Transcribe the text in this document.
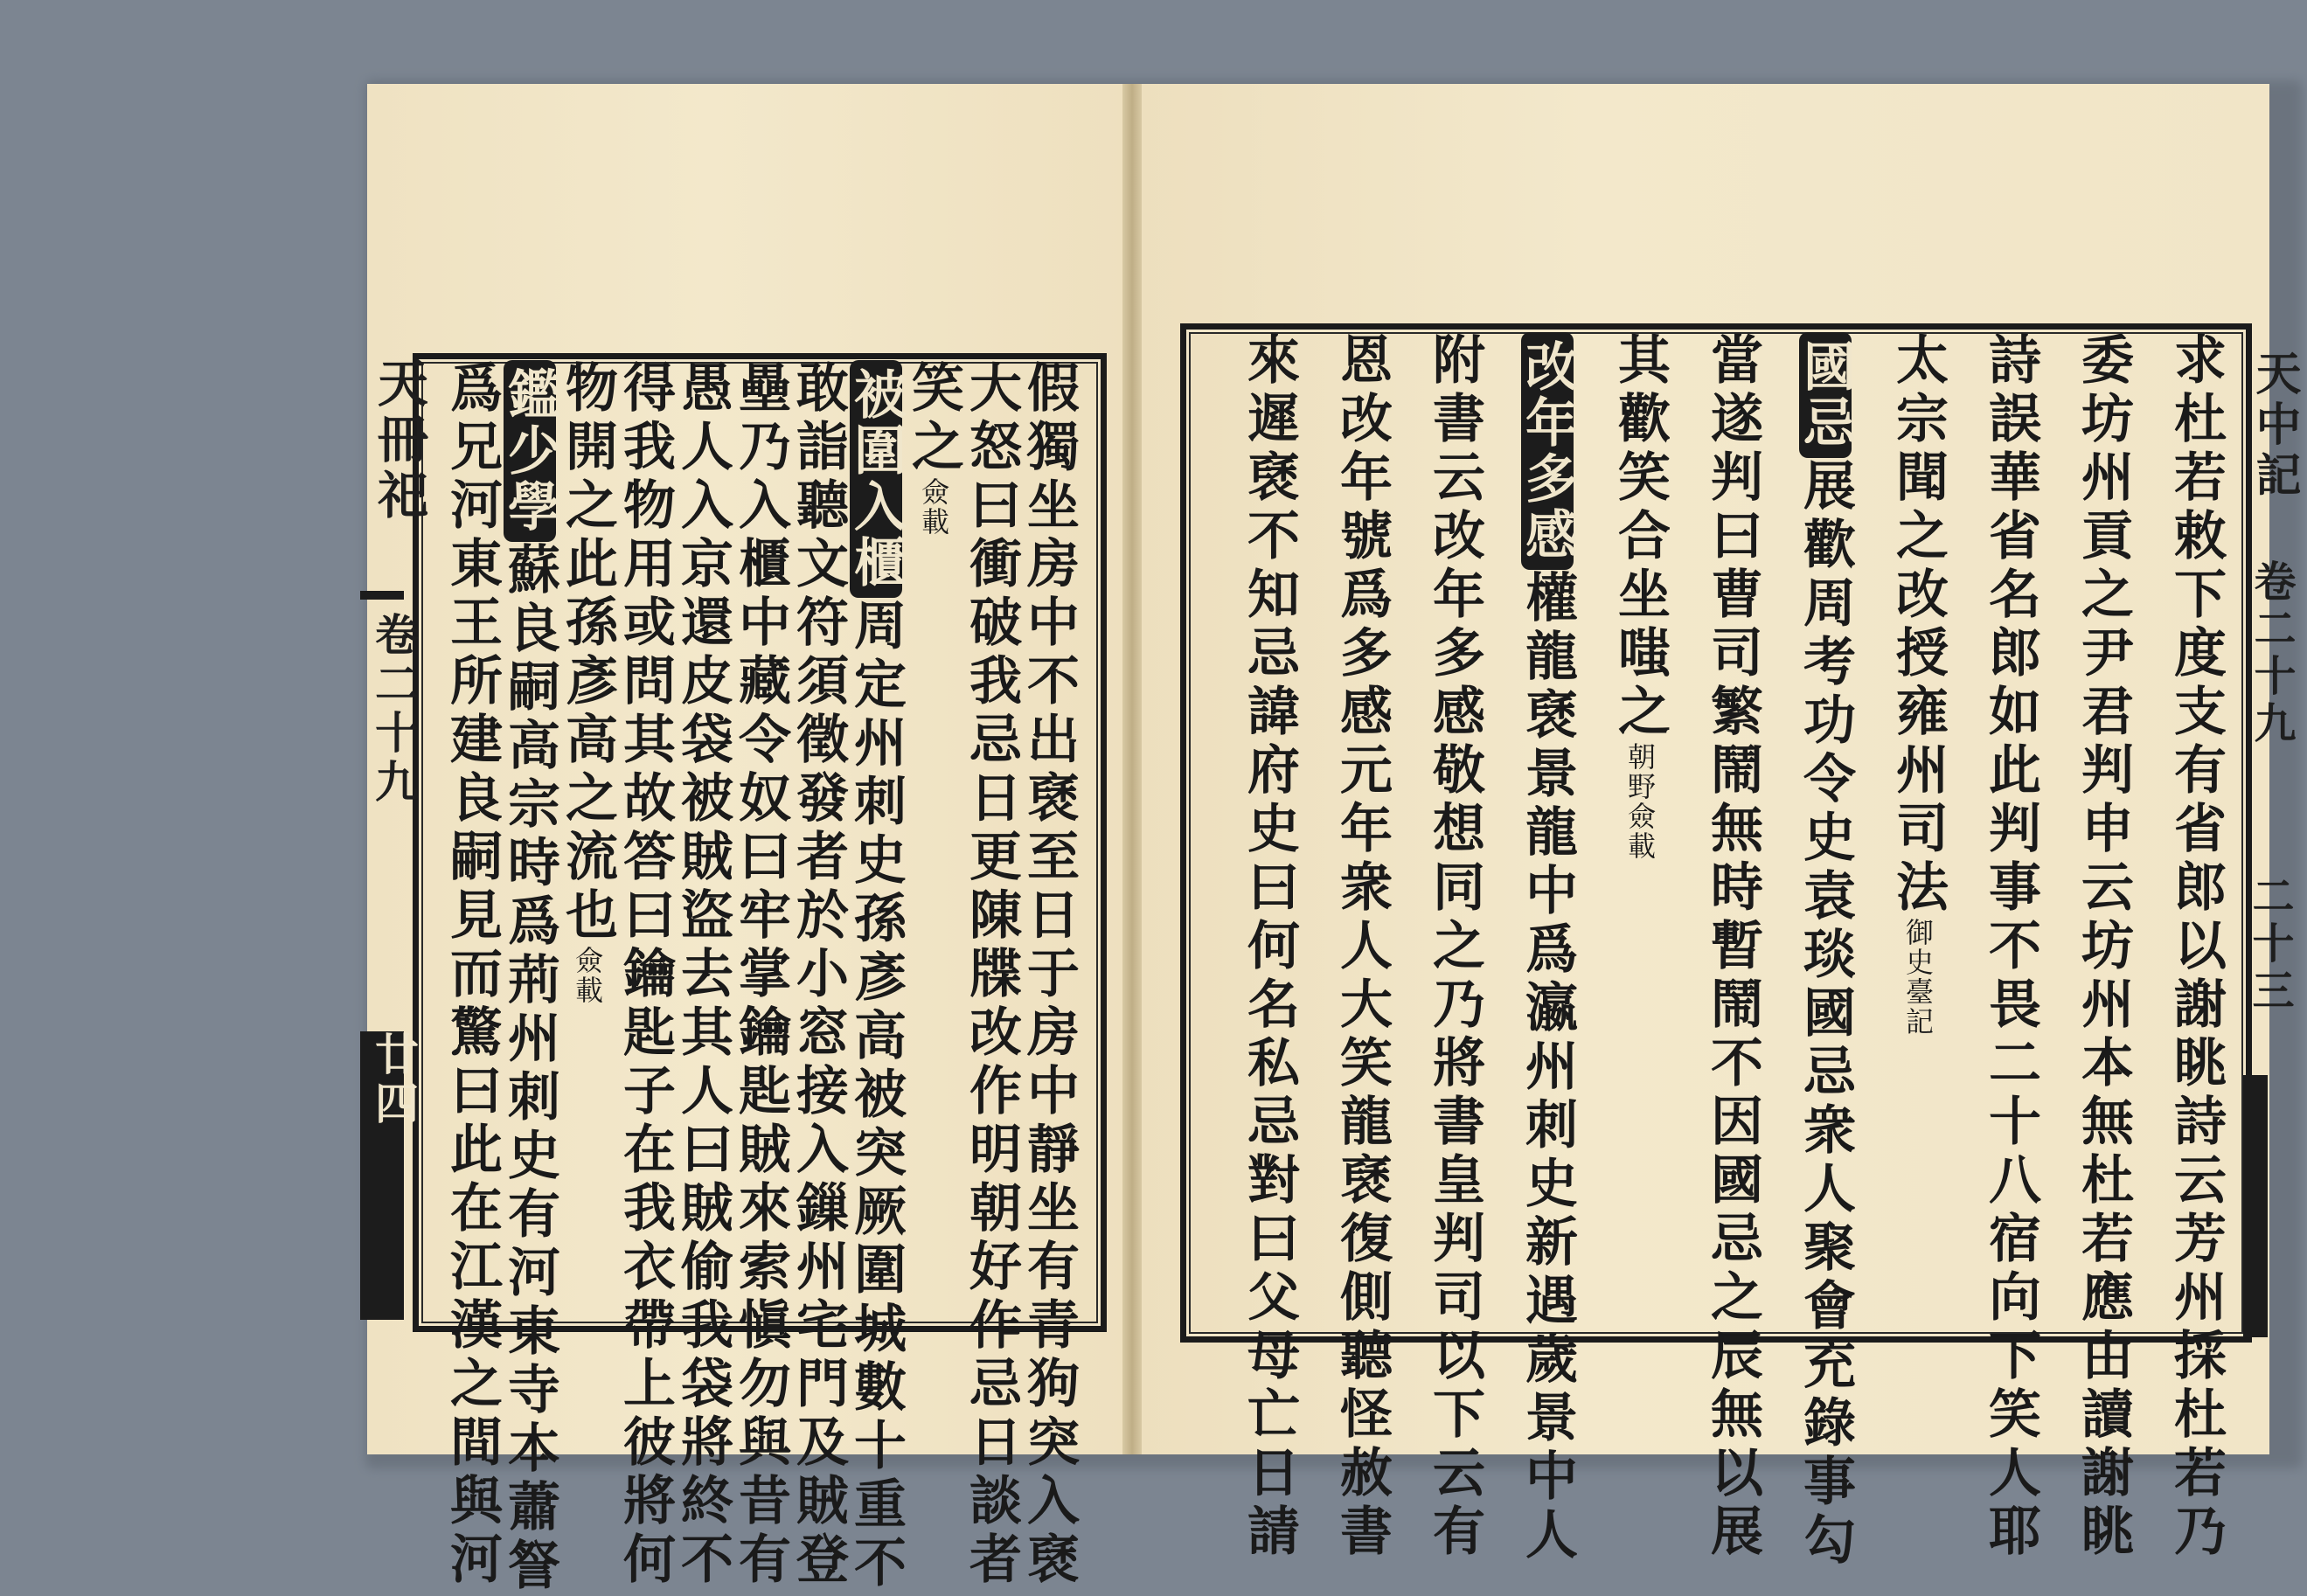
天冊祀
卷二十九
廿四
天中記
卷二十九
二十三
假獨坐房中不出褎至日于房中靜坐有青狗突入褎
大怒曰衝破我忌日更陳牒改作明朝好作忌日談者
笑之僉載
被圍入櫃周定州刺史孫彥高被突厥圍城數十重不
敢詣聽文符須徵發者於小窓接入鏁州宅門及賊登
壘乃入櫃中藏令奴曰牢掌鑰匙賊來索愼勿與昔有
愚人入京還皮袋被賊盜去其人曰賊偷我袋將終不
得我物用或問其故答曰鑰匙子在我衣帶上彼將何
物開之此孫彥高之流也僉載
鑑少學蘇良嗣高宗時爲荊州刺史有河東寺本蕭詧
爲兄河東王所建良嗣見而驚曰此在江漢之間與河	求杜若敕下度支有省郎以謝眺詩云芳州採杜若乃
委坊州貢之尹君判申云坊州本無杜若應由讀謝眺
詩誤華省名郎如此判事不畏二十八宿向下笑人耶
太宗聞之改授雍州司法御史臺記
國忌展歡周考功令史袁琰國忌衆人聚會充錄事勾
當遂判曰曹司繁鬧無時暫鬧不因國忌之辰無以展
其歡笑合坐嗤之朝野僉載
改年多感權龍褎景龍中爲瀛州刺史新遇歲景中人
附書云改年多感敬想同之乃將書皇判司以下云有
恩改年號爲多感元年衆人大笑龍褎復側聽怪赦書
來遲褎不知忌諱府史曰何名私忌對曰父母亡日請
